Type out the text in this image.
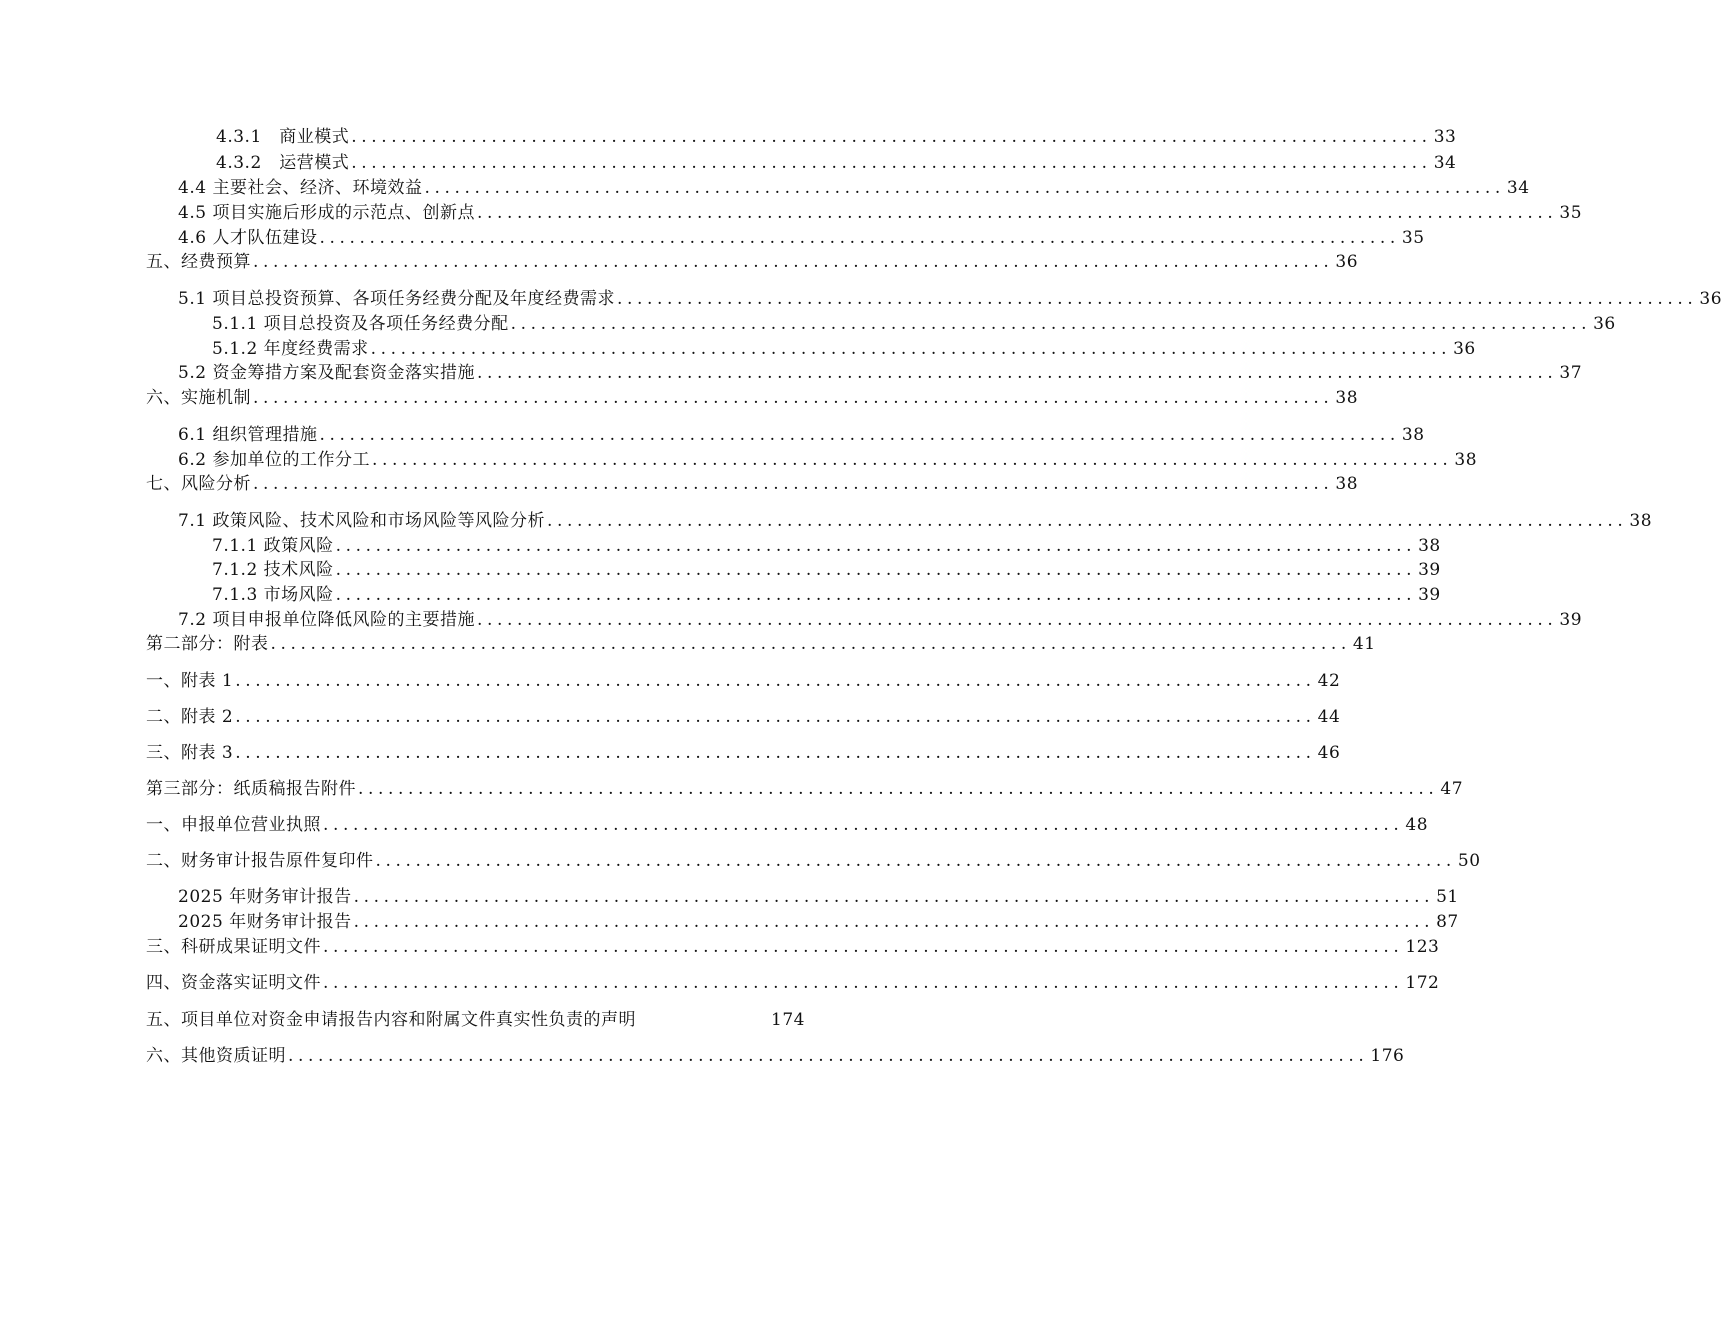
4.3.1　商业模式 ............................................................................................................ 33
4.3.2　运营模式 ............................................................................................................ 34
4.4 主要社会、经济、环境效益 ............................................................................................................ 34
4.5 项目实施后形成的示范点、创新点 ............................................................................................................ 35
4.6 人才队伍建设 ............................................................................................................ 35
五、经费预算 ............................................................................................................ 36
5.1 项目总投资预算、各项任务经费分配及年度经费需求 ............................................................................................................ 36
5.1.1 项目总投资及各项任务经费分配 ............................................................................................................ 36
5.1.2 年度经费需求 ............................................................................................................ 36
5.2 资金筹措方案及配套资金落实措施 ............................................................................................................ 37
六、实施机制 ............................................................................................................ 38
6.1 组织管理措施 ............................................................................................................ 38
6.2 参加单位的工作分工 ............................................................................................................ 38
七、风险分析 ............................................................................................................ 38
7.1 政策风险、技术风险和市场风险等风险分析 ............................................................................................................ 38
7.1.1 政策风险 ............................................................................................................ 38
7.1.2 技术风险 ............................................................................................................ 39
7.1.3 市场风险 ............................................................................................................ 39
7.2 项目申报单位降低风险的主要措施 ............................................................................................................ 39
第二部分：附表 ............................................................................................................ 41
一、附表 1 ............................................................................................................ 42
二、附表 2 ............................................................................................................ 44
三、附表 3 ............................................................................................................ 46
第三部分：纸质稿报告附件 ............................................................................................................ 47
一、申报单位营业执照 ............................................................................................................ 48
二、财务审计报告原件复印件 ............................................................................................................ 50
2025 年财务审计报告 ............................................................................................................ 51
2025 年财务审计报告 ............................................................................................................ 87
三、科研成果证明文件 ............................................................................................................ 123
四、资金落实证明文件 ............................................................................................................ 172
五、项目单位对资金申请报告内容和附属文件真实性负责的声明	174
六、其他资质证明 ............................................................................................................ 176
